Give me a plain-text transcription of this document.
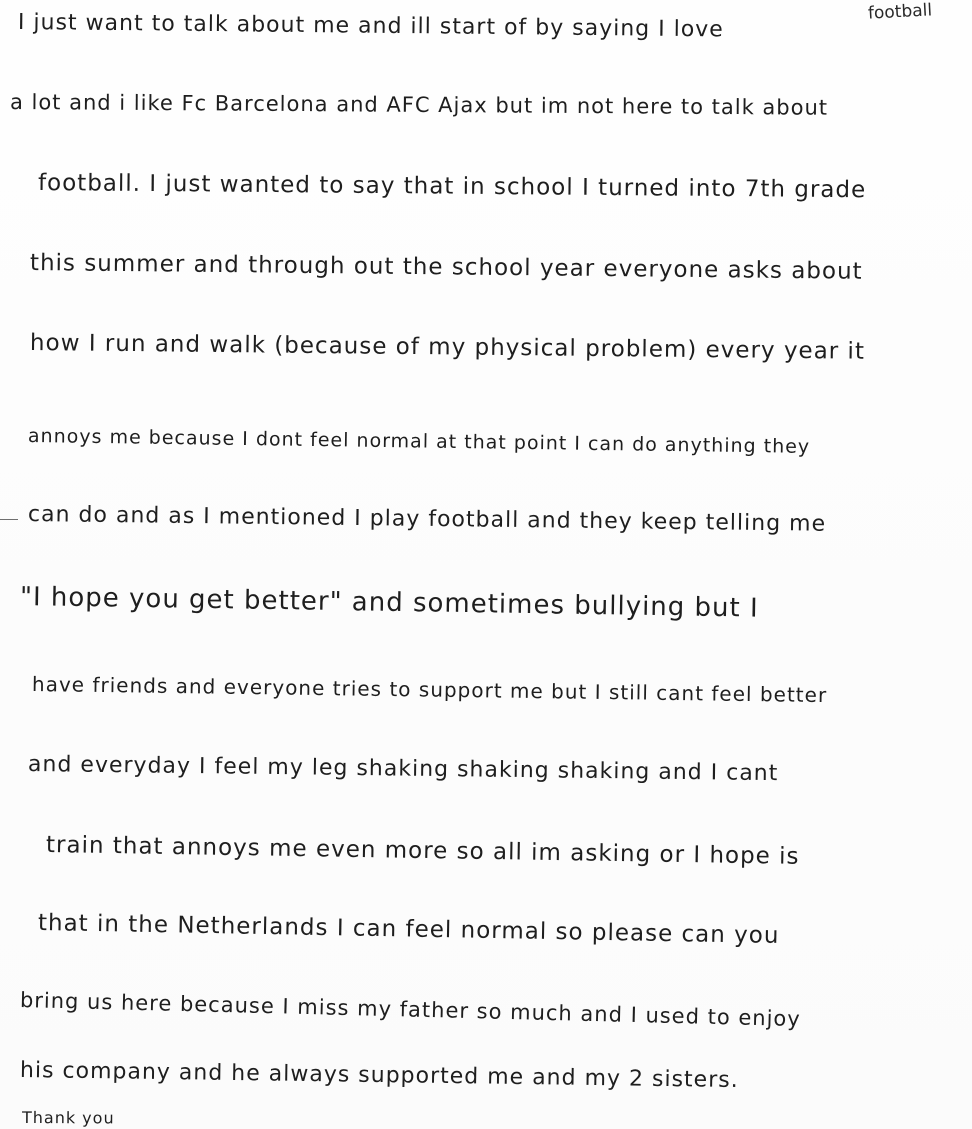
football
I just want to talk about me and ill start of by saying I love
a lot and i like Fc Barcelona and AFC Ajax but im not here to talk about
football. I just wanted to say that in school I turned into 7th grade
this summer and through out the school year everyone asks about
how I run and walk (because of my physical problem) every year it
annoys me because I dont feel normal at that point I can do anything they
can do and as I mentioned I play football and they keep telling me
"I hope you get better" and sometimes bullying but I
have friends and everyone tries to support me but I still cant feel better
and everyday I feel my leg shaking shaking shaking and I cant
train that annoys me even more so all im asking or I hope is
that in the Netherlands I can feel normal so please can you
bring us here because I miss my father so much and I used to enjoy
his company and he always supported me and my 2 sisters.
Thank you
